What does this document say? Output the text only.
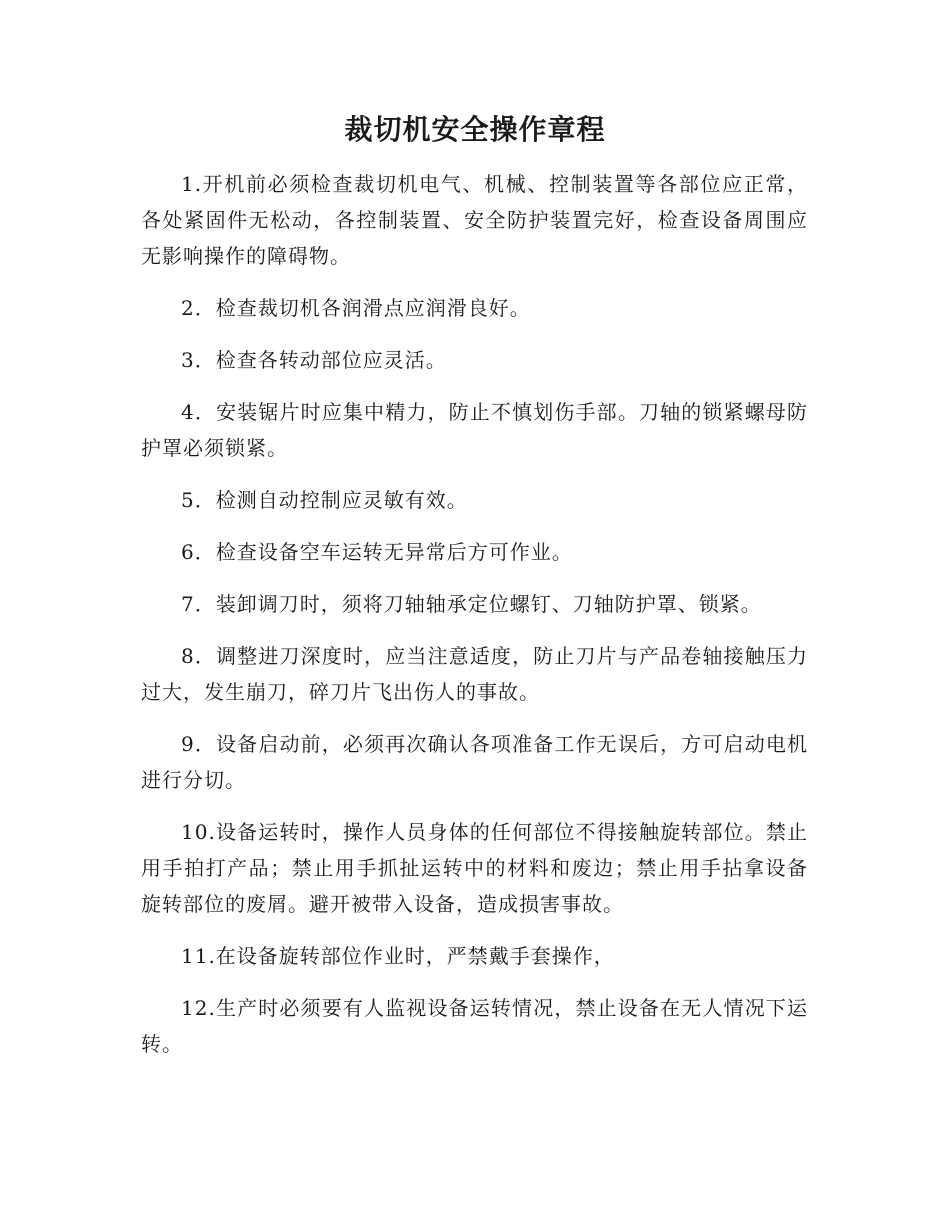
裁切机安全操作章程

1.开机前必须检查裁切机电气、机械、控制装置等各部位应正常，各处紧固件无松动，各控制装置、安全防护装置完好，检查设备周围应无影响操作的障碍物。

2．检查裁切机各润滑点应润滑良好。

3．检查各转动部位应灵活。

4．安装锯片时应集中精力，防止不慎划伤手部。刀轴的锁紧螺母防护罩必须锁紧。

5．检测自动控制应灵敏有效。

6．检查设备空车运转无异常后方可作业。

7．装卸调刀时，须将刀轴轴承定位螺钉、刀轴防护罩、锁紧。

8．调整进刀深度时，应当注意适度，防止刀片与产品卷轴接触压力过大，发生崩刀，碎刀片飞出伤人的事故。

9．设备启动前，必须再次确认各项准备工作无误后，方可启动电机进行分切。

10.设备运转时，操作人员身体的任何部位不得接触旋转部位。禁止用手拍打产品；禁止用手抓扯运转中的材料和废边；禁止用手拈拿设备旋转部位的废屑。避开被带入设备，造成损害事故。

11.在设备旋转部位作业时，严禁戴手套操作，

12.生产时必须要有人监视设备运转情况，禁止设备在无人情况下运转。
